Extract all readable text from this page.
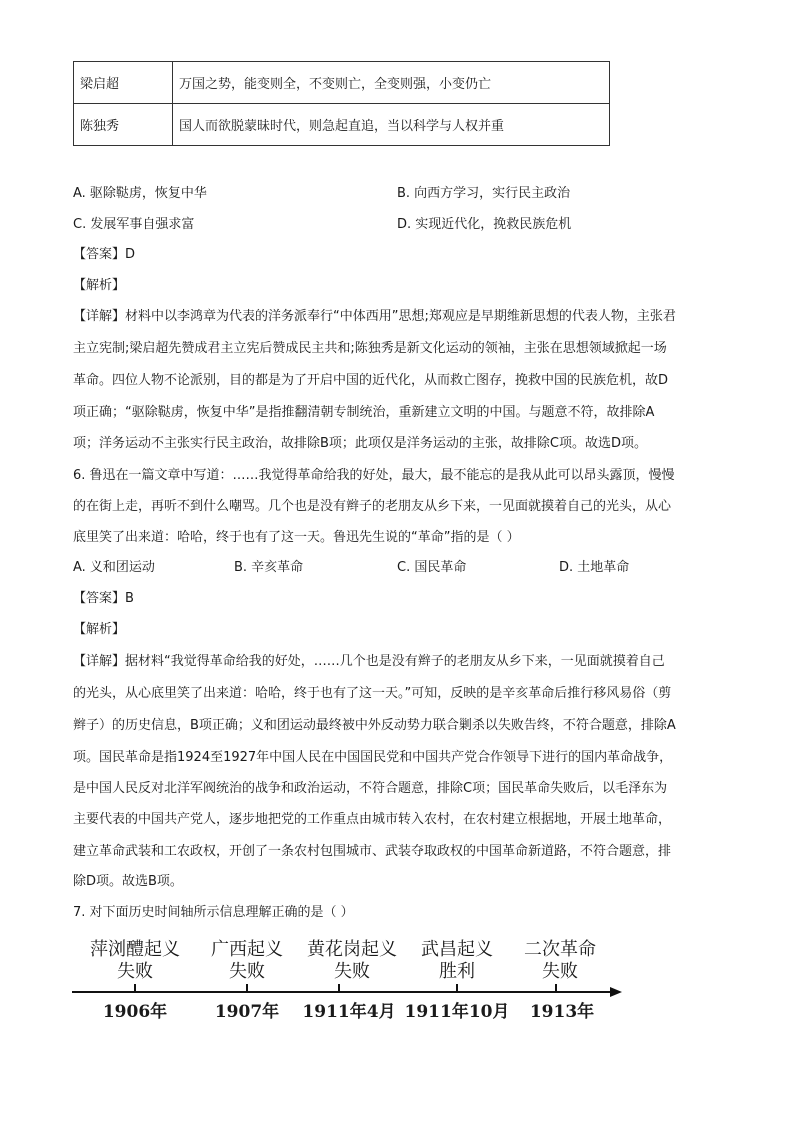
梁启超	万国之势，能变则全，不变则亡，全变则强，小变仍亡
陈独秀	国人而欲脱蒙昧时代，则急起直追，当以科学与人权并重
A. 驱除鞑虏，恢复中华	B. 向西方学习，实行民主政治
C. 发展军事自强求富	D. 实现近代化，挽救民族危机
【答案】D
【解析】
【详解】材料中以李鸿章为代表的洋务派奉行“中体西用”思想;郑观应是早期维新思想的代表人物，主张君
主立宪制;梁启超先赞成君主立宪后赞成民主共和;陈独秀是新文化运动的领袖，主张在思想领域掀起一场
革命。四位人物不论派别，目的都是为了开启中国的近代化，从而救亡图存，挽救中国的民族危机，故D
项正确；“驱除鞑虏，恢复中华”是指推翻清朝专制统治，重新建立文明的中国。与题意不符，故排除A
项；洋务运动不主张实行民主政治，故排除B项；此项仅是洋务运动的主张，故排除C项。故选D项。
6. 鲁迅在一篇文章中写道：……我觉得革命给我的好处，最大，最不能忘的是我从此可以昂头露顶，慢慢
的在街上走，再听不到什么嘲骂。几个也是没有辫子的老朋友从乡下来，一见面就摸着自己的光头，从心
底里笑了出来道：哈哈，终于也有了这一天。鲁迅先生说的“革命”指的是（ ）
A. 义和团运动	B. 辛亥革命	C. 国民革命	D. 土地革命
【答案】B
【解析】
【详解】据材料“我觉得革命给我的好处，……几个也是没有辫子的老朋友从乡下来，一见面就摸着自己
的光头，从心底里笑了出来道：哈哈，终于也有了这一天。”可知，反映的是辛亥革命后推行移风易俗（剪
辫子）的历史信息，B项正确；义和团运动最终被中外反动势力联合剿杀以失败告终，不符合题意，排除A
项。国民革命是指1924至1927年中国人民在中国国民党和中国共产党合作领导下进行的国内革命战争，
是中国人民反对北洋军阀统治的战争和政治运动，不符合题意，排除C项；国民革命失败后，以毛泽东为
主要代表的中国共产党人，逐步地把党的工作重点由城市转入农村，在农村建立根据地，开展土地革命，
建立革命武装和工农政权，开创了一条农村包围城市、武装夺取政权的中国革命新道路，不符合题意，排
除D项。故选B项。
7. 对下面历史时间轴所示信息理解正确的是（ ）
萍浏醴起义
失败
广西起义
失败
黄花岗起义
失败
武昌起义
胜利
二次革命
失败
1906年	1907年	1911年4月 1911年10月	1913年
